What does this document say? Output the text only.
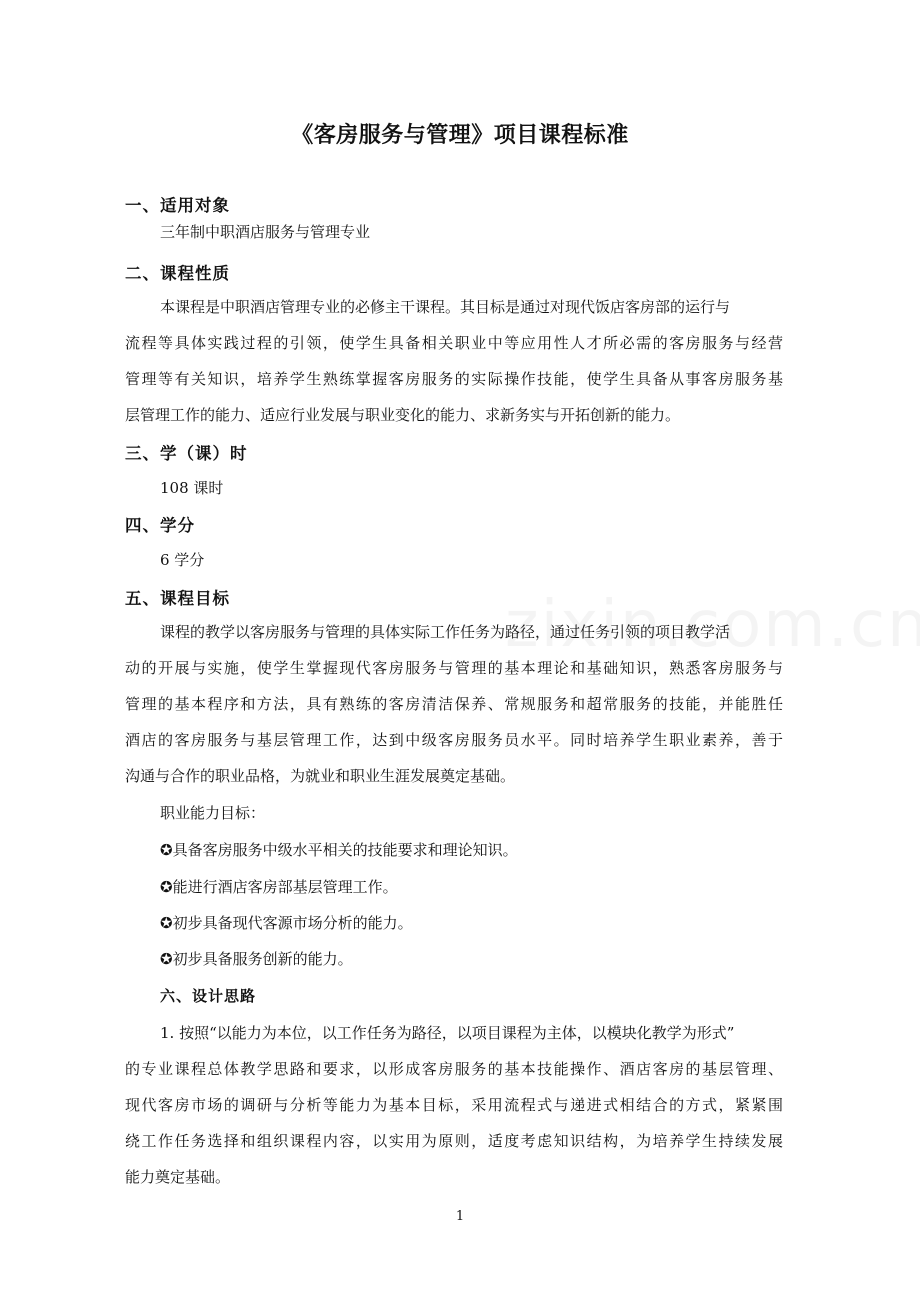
《客房服务与管理》项目课程标准
一、适用对象
三年制中职酒店服务与管理专业
二、课程性质
本课程是中职酒店管理专业的必修主干课程。其目标是通过对现代饭店客房部的运行与
流程等具体实践过程的引领，使学生具备相关职业中等应用性人才所必需的客房服务与经营
管理等有关知识，培养学生熟练掌握客房服务的实际操作技能，使学生具备从事客房服务基
层管理工作的能力、适应行业发展与职业变化的能力、求新务实与开拓创新的能力。
三、学（课）时
108 课时
四、学分
6 学分
五、课程目标
课程的教学以客房服务与管理的具体实际工作任务为路径，通过任务引领的项目教学活
动的开展与实施，使学生掌握现代客房服务与管理的基本理论和基础知识，熟悉客房服务与
管理的基本程序和方法，具有熟练的客房清洁保养、常规服务和超常服务的技能，并能胜任
酒店的客房服务与基层管理工作，达到中级客房服务员水平。同时培养学生职业素养，善于
沟通与合作的职业品格，为就业和职业生涯发展奠定基础。
职业能力目标：
✪具备客房服务中级水平相关的技能要求和理论知识。
✪能进行酒店客房部基层管理工作。
✪初步具备现代客源市场分析的能力。
✪初步具备服务创新的能力。
六、设计思路
1. 按照“以能力为本位，以工作任务为路径，以项目课程为主体，以模块化教学为形式”
的专业课程总体教学思路和要求，以形成客房服务的基本技能操作、酒店客房的基层管理、
现代客房市场的调研与分析等能力为基本目标，采用流程式与递进式相结合的方式，紧紧围
绕工作任务选择和组织课程内容，以实用为原则，适度考虑知识结构，为培养学生持续发展
能力奠定基础。
1
